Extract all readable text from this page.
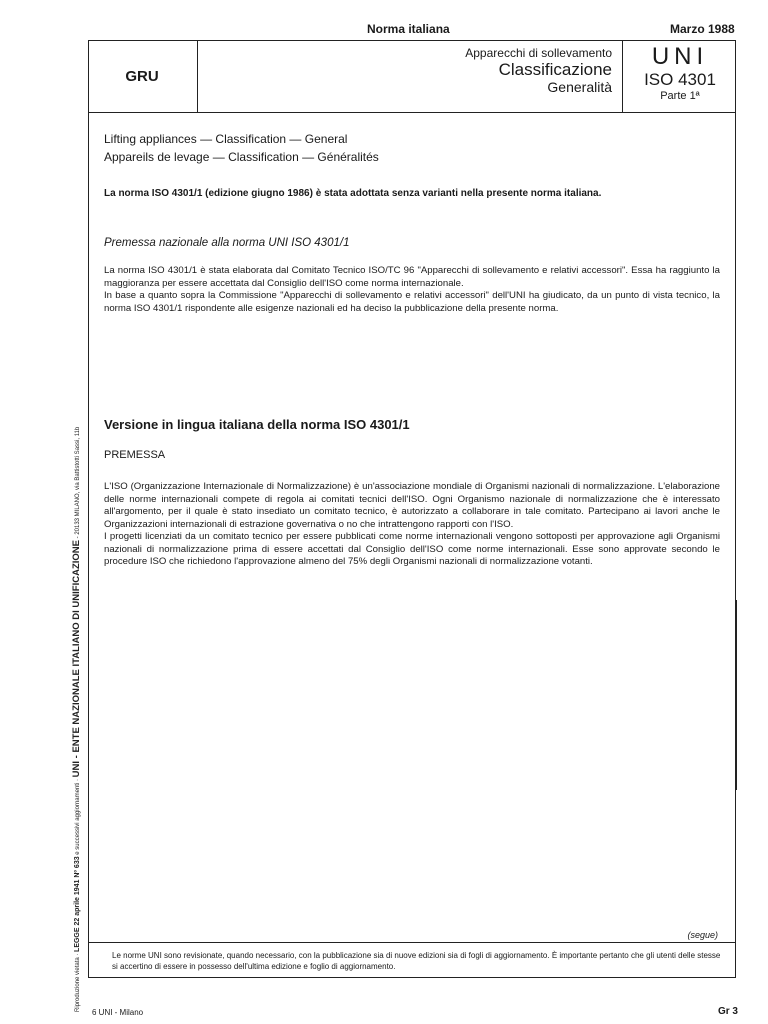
Norma italiana	Marzo 1988
GRU
Apparecchi di sollevamento
Classificazione
Generalità
UNI
ISO 4301
Parte 1ª
Lifting appliances — Classification — General
Appareils de levage — Classification — Généralités
La norma ISO 4301/1 (edizione giugno 1986) è stata adottata senza varianti nella presente norma italiana.
Premessa nazionale alla norma UNI ISO 4301/1

La norma ISO 4301/1 è stata elaborata dal Comitato Tecnico ISO/TC 96 "Apparecchi di sollevamento e relativi accessori". Essa ha raggiunto la maggioranza per essere accettata dal Consiglio dell'ISO come norma internazionale.

In base a quanto sopra la Commissione "Apparecchi di sollevamento e relativi accessori" dell'UNI ha giudicato, da un punto di vista tecnico, la norma ISO 4301/1 rispondente alle esigenze nazionali ed ha deciso la pubblicazione della presente norma.

Versione in lingua italiana della norma ISO 4301/1
PREMESSA

L'ISO (Organizzazione Internazionale di Normalizzazione) è un'associazione mondiale di Organismi nazionali di normalizzazione. L'elaborazione delle norme internazionali compete di regola ai comitati tecnici dell'ISO. Ogni Organismo nazionale di normalizzazione che è interessato all'argomento, per il quale è stato insediato un comitato tecnico, è autorizzato a collaborare in tale comitato. Partecipano ai lavori anche le Organizzazioni internazionali di estrazione governativa o no che intrattengono rapporti con l'ISO.

I progetti licenziati da un comitato tecnico per essere pubblicati come norme internazionali vengono sottoposti per approvazione agli Organismi nazionali di normalizzazione prima di essere accettati dal Consiglio dell'ISO come norme internazionali. Esse sono approvate secondo le procedure ISO che richiedono l'approvazione almeno del 75% degli Organismi nazionali di normalizzazione votanti.

(segue)
Le norme UNI sono revisionate, quando necessario, con la pubblicazione sia di nuove edizioni sia di fogli di aggiornamento. È importante pertanto che gli utenti delle stesse si accertino di essere in possesso dell'ultima edizione e foglio di aggiornamento.
6 UNI - Milano	Gr 3
Riproduzione vietata · LEGGE 22 aprile 1941 Nº 633 e successivi aggiornamenti · UNI - ENTE NAZIONALE ITALIANO DI UNIFICAZIONE - 20133 MILANO, via Battistotti Sassi, 11b
